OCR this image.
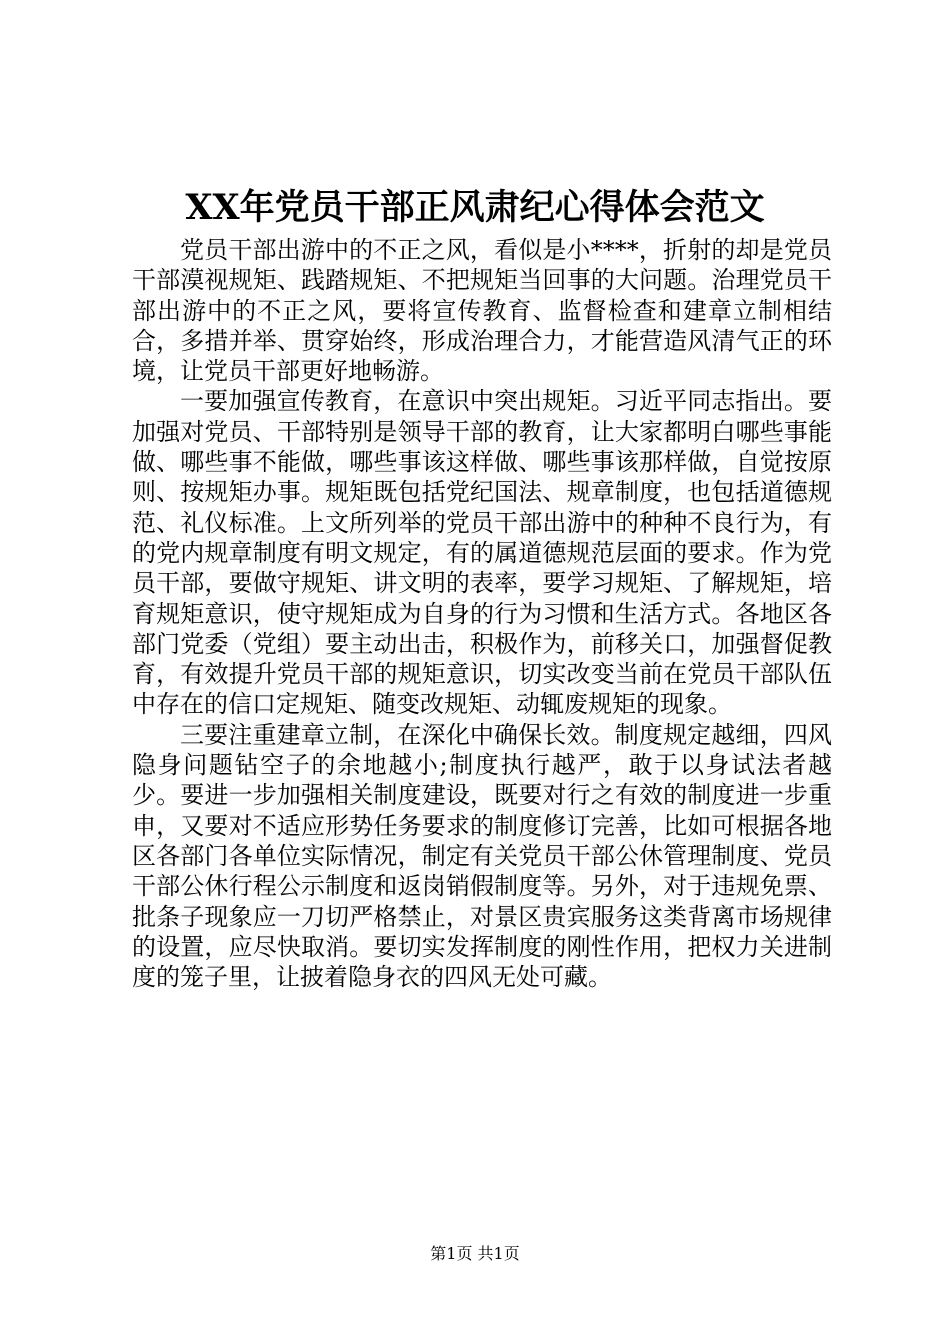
XX年党员干部正风肃纪心得体会范文

党员干部出游中的不正之风，看似是小****，折射的却是党员干部漠视规矩、践踏规矩、不把规矩当回事的大问题。治理党员干部出游中的不正之风，要将宣传教育、监督检查和建章立制相结合，多措并举、贯穿始终，形成治理合力，才能营造风清气正的环境，让党员干部更好地畅游。

一要加强宣传教育，在意识中突出规矩。习近平同志指出。要加强对党员、干部特别是领导干部的教育，让大家都明白哪些事能做、哪些事不能做，哪些事该这样做、哪些事该那样做，自觉按原则、按规矩办事。规矩既包括党纪国法、规章制度，也包括道德规范、礼仪标准。上文所列举的党员干部出游中的种种不良行为，有的党内规章制度有明文规定，有的属道德规范层面的要求。作为党员干部，要做守规矩、讲文明的表率，要学习规矩、了解规矩，培育规矩意识，使守规矩成为自身的行为习惯和生活方式。各地区各部门党委（党组）要主动出击，积极作为，前移关口，加强督促教育，有效提升党员干部的规矩意识，切实改变当前在党员干部队伍中存在的信口定规矩、随变改规矩、动辄废规矩的现象。

三要注重建章立制，在深化中确保长效。制度规定越细，四风隐身问题钻空子的余地越小;制度执行越严，敢于以身试法者越少。要进一步加强相关制度建设，既要对行之有效的制度进一步重申，又要对不适应形势任务要求的制度修订完善，比如可根据各地区各部门各单位实际情况，制定有关党员干部公休管理制度、党员干部公休行程公示制度和返岗销假制度等。另外，对于违规免票、批条子现象应一刀切严格禁止，对景区贵宾服务这类背离市场规律的设置，应尽快取消。要切实发挥制度的刚性作用，把权力关进制度的笼子里，让披着隐身衣的四风无处可藏。

第1页 共1页
